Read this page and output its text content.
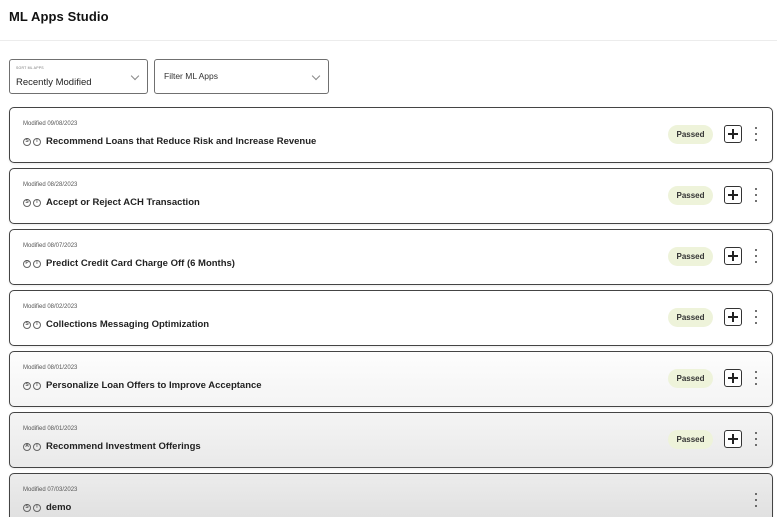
ML Apps Studio
SORT ML APPS
Recently Modified
Filter ML Apps
Modified 09/08/2023
S	i Recommend Loans that Reduce Risk and Increase Revenue
Passed
Modified 08/28/2023
S	i Accept or Reject ACH Transaction
Passed
Modified 08/07/2023
P	i Predict Credit Card Charge Off (6 Months)
Passed
Modified 08/02/2023
S	i Collections Messaging Optimization
Passed
Modified 08/01/2023
S	i Personalize Loan Offers to Improve Acceptance
Passed
Modified 08/01/2023
A	i Recommend Investment Offerings
Passed
Modified 07/03/2023
S	i demo
